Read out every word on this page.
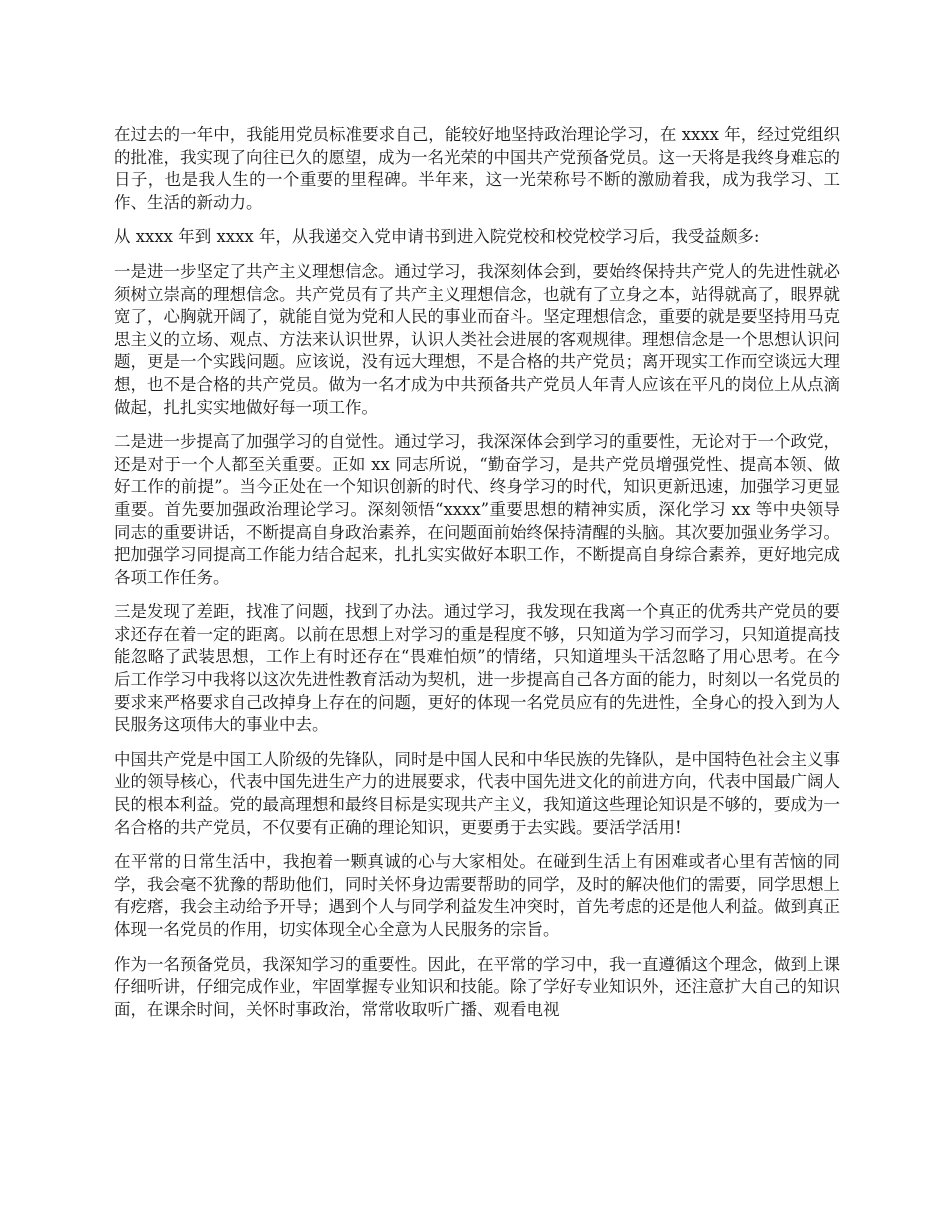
在过去的一年中，我能用党员标准要求自己，能较好地坚持政治理论学习，在 xxxx 年，经过党组织的批准，我实现了向往已久的愿望，成为一名光荣的中国共产党预备党员。这一天将是我终身难忘的日子，也是我人生的一个重要的里程碑。半年来，这一光荣称号不断的激励着我，成为我学习、工作、生活的新动力。

从 xxxx 年到 xxxx 年，从我递交入党申请书到进入院党校和校党校学习后，我受益颇多:

一是进一步坚定了共产主义理想信念。通过学习，我深刻体会到，要始终保持共产党人的先进性就必须树立崇高的理想信念。共产党员有了共产主义理想信念，也就有了立身之本，站得就高了，眼界就宽了，心胸就开阔了，就能自觉为党和人民的事业而奋斗。坚定理想信念，重要的就是要坚持用马克思主义的立场、观点、方法来认识世界，认识人类社会进展的客观规律。理想信念是一个思想认识问题，更是一个实践问题。应该说，没有远大理想，不是合格的共产党员；离开现实工作而空谈远大理想，也不是合格的共产党员。做为一名才成为中共预备共产党员人年青人应该在平凡的岗位上从点滴做起，扎扎实实地做好每一项工作。

二是进一步提高了加强学习的自觉性。通过学习，我深深体会到学习的重要性，无论对于一个政党，还是对于一个人都至关重要。正如 xx 同志所说，“勤奋学习，是共产党员增强党性、提高本领、做好工作的前提”。当今正处在一个知识创新的时代、终身学习的时代，知识更新迅速，加强学习更显重要。首先要加强政治理论学习。深刻领悟“xxxx”重要思想的精神实质，深化学习 xx 等中央领导同志的重要讲话，不断提高自身政治素养，在问题面前始终保持清醒的头脑。其次要加强业务学习。把加强学习同提高工作能力结合起来，扎扎实实做好本职工作，不断提高自身综合素养，更好地完成各项工作任务。

三是发现了差距，找准了问题，找到了办法。通过学习，我发现在我离一个真正的优秀共产党员的要求还存在着一定的距离。以前在思想上对学习的重是程度不够，只知道为学习而学习，只知道提高技能忽略了武装思想，工作上有时还存在“畏难怕烦”的情绪，只知道埋头干活忽略了用心思考。在今后工作学习中我将以这次先进性教育活动为契机，进一步提高自己各方面的能力，时刻以一名党员的要求来严格要求自己改掉身上存在的问题，更好的体现一名党员应有的先进性，全身心的投入到为人民服务这项伟大的事业中去。

中国共产党是中国工人阶级的先锋队，同时是中国人民和中华民族的先锋队，是中国特色社会主义事业的领导核心，代表中国先进生产力的进展要求，代表中国先进文化的前进方向，代表中国最广阔人民的根本利益。党的最高理想和最终目标是实现共产主义，我知道这些理论知识是不够的，要成为一名合格的共产党员，不仅要有正确的理论知识，更要勇于去实践。要活学活用!

在平常的日常生活中，我抱着一颗真诚的心与大家相处。在碰到生活上有困难或者心里有苦恼的同学，我会毫不犹豫的帮助他们，同时关怀身边需要帮助的同学，及时的解决他们的需要，同学思想上有疙瘩，我会主动给予开导；遇到个人与同学利益发生冲突时，首先考虑的还是他人利益。做到真正体现一名党员的作用，切实体现全心全意为人民服务的宗旨。

作为一名预备党员，我深知学习的重要性。因此，在平常的学习中，我一直遵循这个理念，做到上课仔细听讲，仔细完成作业，牢固掌握专业知识和技能。除了学好专业知识外，还注意扩大自己的知识面，在课余时间，关怀时事政治，常常收取听广播、观看电视
